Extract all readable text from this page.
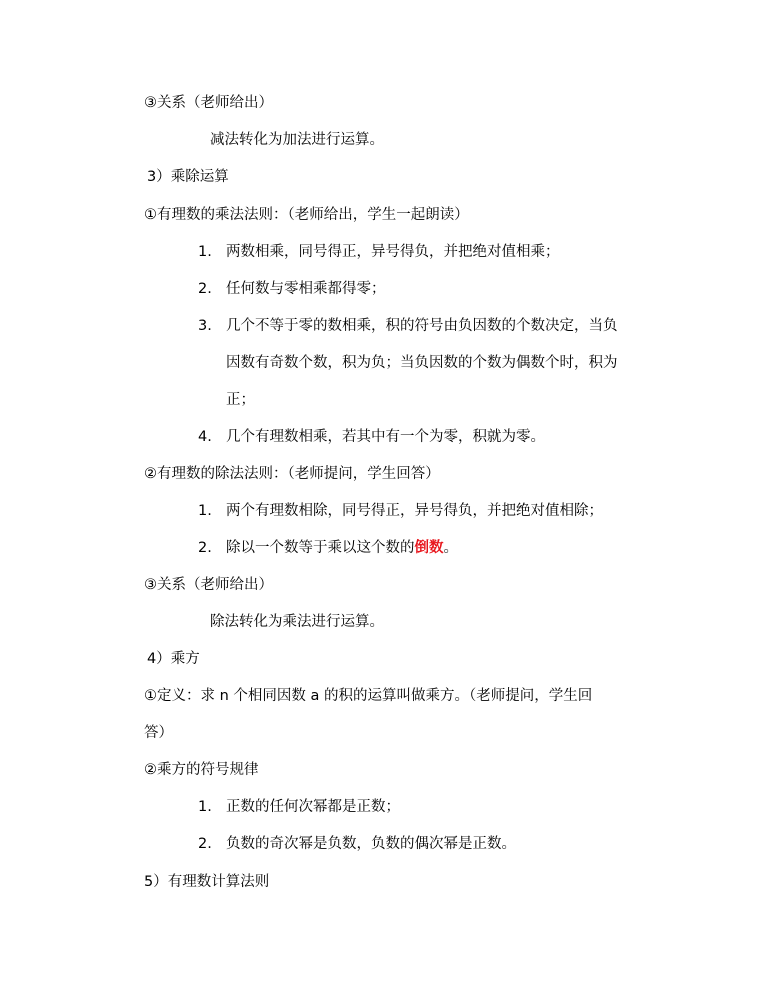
③关系（老师给出）
减法转化为加法进行运算。
3）乘除运算
①有理数的乘法法则：（老师给出，学生一起朗读）
1. 两数相乘，同号得正，异号得负，并把绝对值相乘；
2. 任何数与零相乘都得零；
3. 几个不等于零的数相乘，积的符号由负因数的个数决定，当负
因数有奇数个数，积为负；当负因数的个数为偶数个时，积为
正；
4. 几个有理数相乘，若其中有一个为零，积就为零。
②有理数的除法法则：（老师提问，学生回答）
1. 两个有理数相除，同号得正，异号得负，并把绝对值相除；
2. 除以一个数等于乘以这个数的倒数。
③关系（老师给出）
除法转化为乘法进行运算。
4）乘方
①定义：求 n 个相同因数 a 的积的运算叫做乘方。（老师提问，学生回
答）
②乘方的符号规律
1. 正数的任何次幂都是正数；
2. 负数的奇次幂是负数，负数的偶次幂是正数。
5）有理数计算法则
